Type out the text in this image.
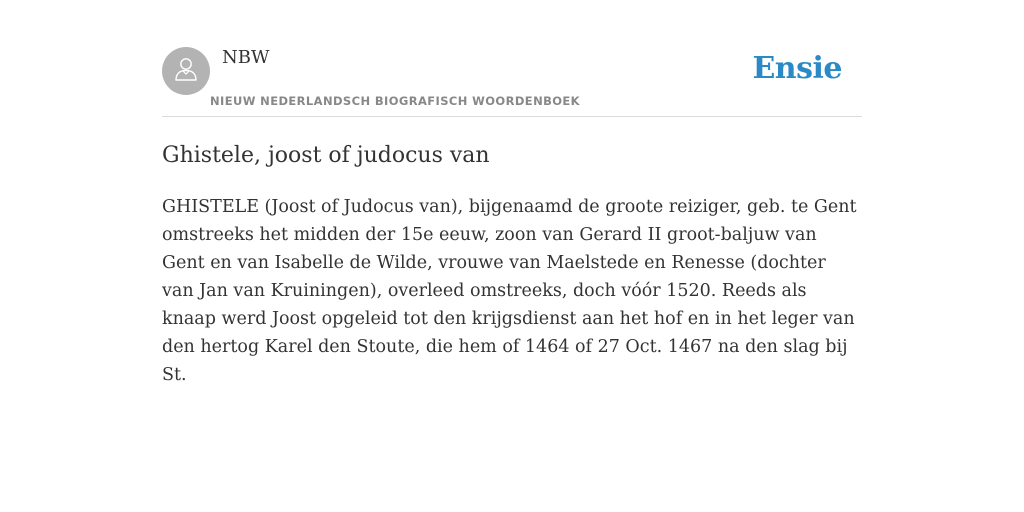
NBW
NIEUW NEDERLANDSCH BIOGRAFISCH WOORDENBOEK
Ensie
Ghistele, joost of judocus van

GHISTELE (Joost of Judocus van), bijgenaamd de groote reiziger, geb. te Gent omstreeks het midden der 15e eeuw, zoon van Gerard II groot-baljuw van Gent en van Isabelle de Wilde, vrouwe van Maelstede en Renesse (dochter van Jan van Kruiningen), overleed omstreeks, doch vóór 1520. Reeds als knaap werd Joost opgeleid tot den krijgsdienst aan het hof en in het leger van den hertog Karel den Stoute, die hem of 1464 of 27 Oct. 1467 na den slag bij St.
